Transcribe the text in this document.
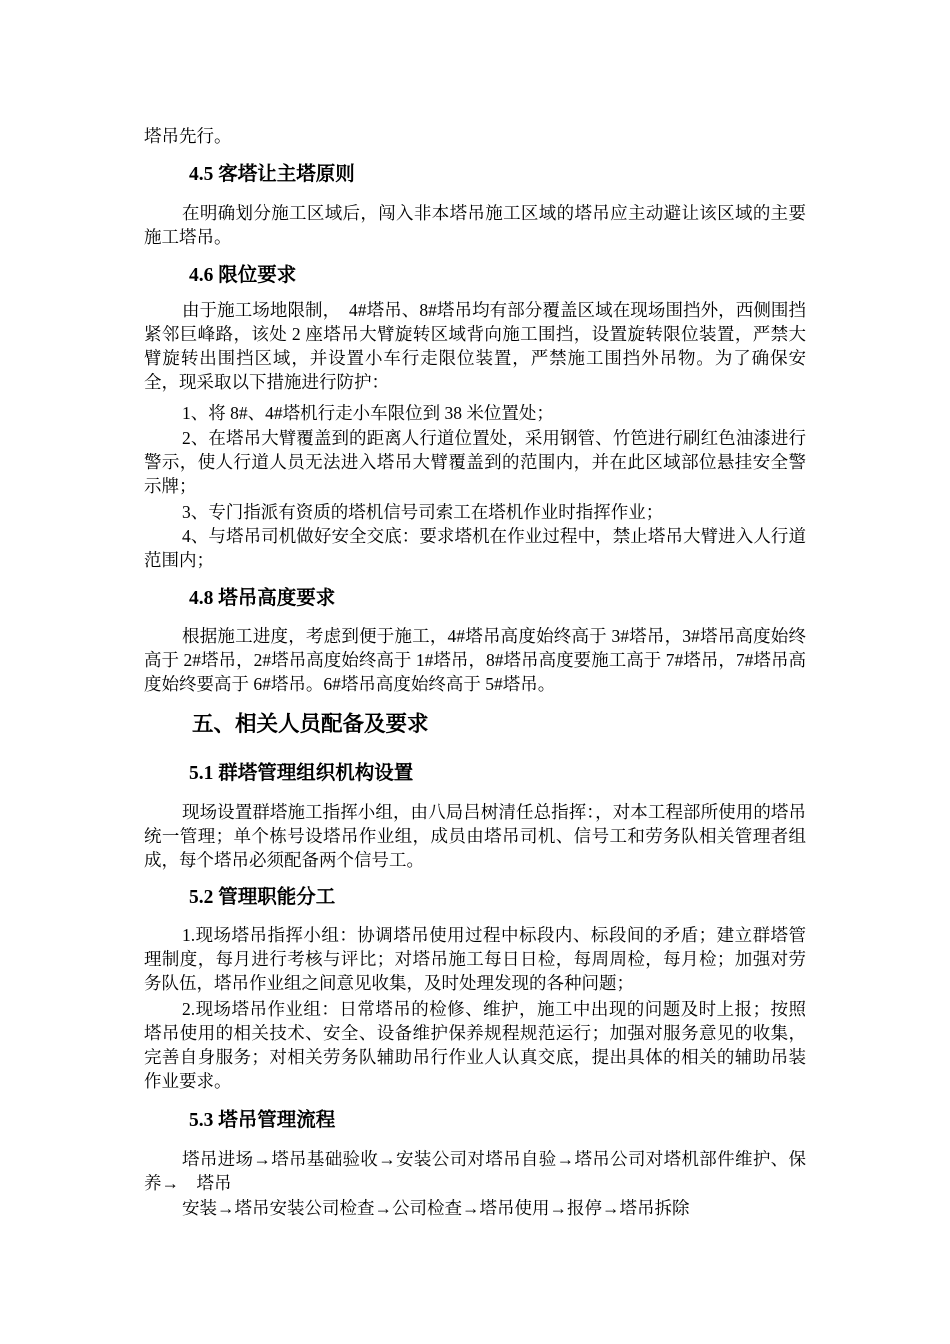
塔吊先行。

4.5 客塔让主塔原则

在明确划分施工区域后，闯入非本塔吊施工区域的塔吊应主动避让该区域的主要施工塔吊。

4.6 限位要求

由于施工场地限制，　4#塔吊、8#塔吊均有部分覆盖区域在现场围挡外，西侧围挡紧邻巨峰路，该处 2 座塔吊大臂旋转区域背向施工围挡，设置旋转限位装置，严禁大臂旋转出围挡区域，并设置小车行走限位装置，严禁施工围挡外吊物。为了确保安全，现采取以下措施进行防护：

1、将 8#、4#塔机行走小车限位到 38 米位置处；

2、在塔吊大臂覆盖到的距离人行道位置处，采用钢管、竹笆进行刷红色油漆进行警示，使人行道人员无法进入塔吊大臂覆盖到的范围内，并在此区域部位悬挂安全警示牌；

3、专门指派有资质的塔机信号司索工在塔机作业时指挥作业；

4、与塔吊司机做好安全交底：要求塔机在作业过程中，禁止塔吊大臂进入人行道范围内；

4.8 塔吊高度要求

根据施工进度，考虑到便于施工，4#塔吊高度始终高于 3#塔吊，3#塔吊高度始终高于 2#塔吊，2#塔吊高度始终高于 1#塔吊，8#塔吊高度要施工高于 7#塔吊，7#塔吊高度始终要高于 6#塔吊。6#塔吊高度始终高于 5#塔吊。

五、相关人员配备及要求
5.1 群塔管理组织机构设置

现场设置群塔施工指挥小组，由八局吕树清任总指挥：，对本工程部所使用的塔吊统一管理；单个栋号设塔吊作业组，成员由塔吊司机、信号工和劳务队相关管理者组成，每个塔吊必须配备两个信号工。

5.2 管理职能分工

1.现场塔吊指挥小组：协调塔吊使用过程中标段内、标段间的矛盾；建立群塔管理制度，每月进行考核与评比；对塔吊施工每日日检，每周周检，每月检；加强对劳务队伍，塔吊作业组之间意见收集，及时处理发现的各种问题；

2.现场塔吊作业组：日常塔吊的检修、维护，施工中出现的问题及时上报；按照塔吊使用的相关技术、安全、设备维护保养规程规范运行；加强对服务意见的收集，完善自身服务；对相关劳务队辅助吊行作业人认真交底，提出具体的相关的辅助吊装作业要求。

5.3 塔吊管理流程

塔吊进场→塔吊基础验收→安装公司对塔吊自验→塔吊公司对塔机部件维护、保养→　塔吊

安装→塔吊安装公司检查→公司检查→塔吊使用→报停→塔吊拆除
